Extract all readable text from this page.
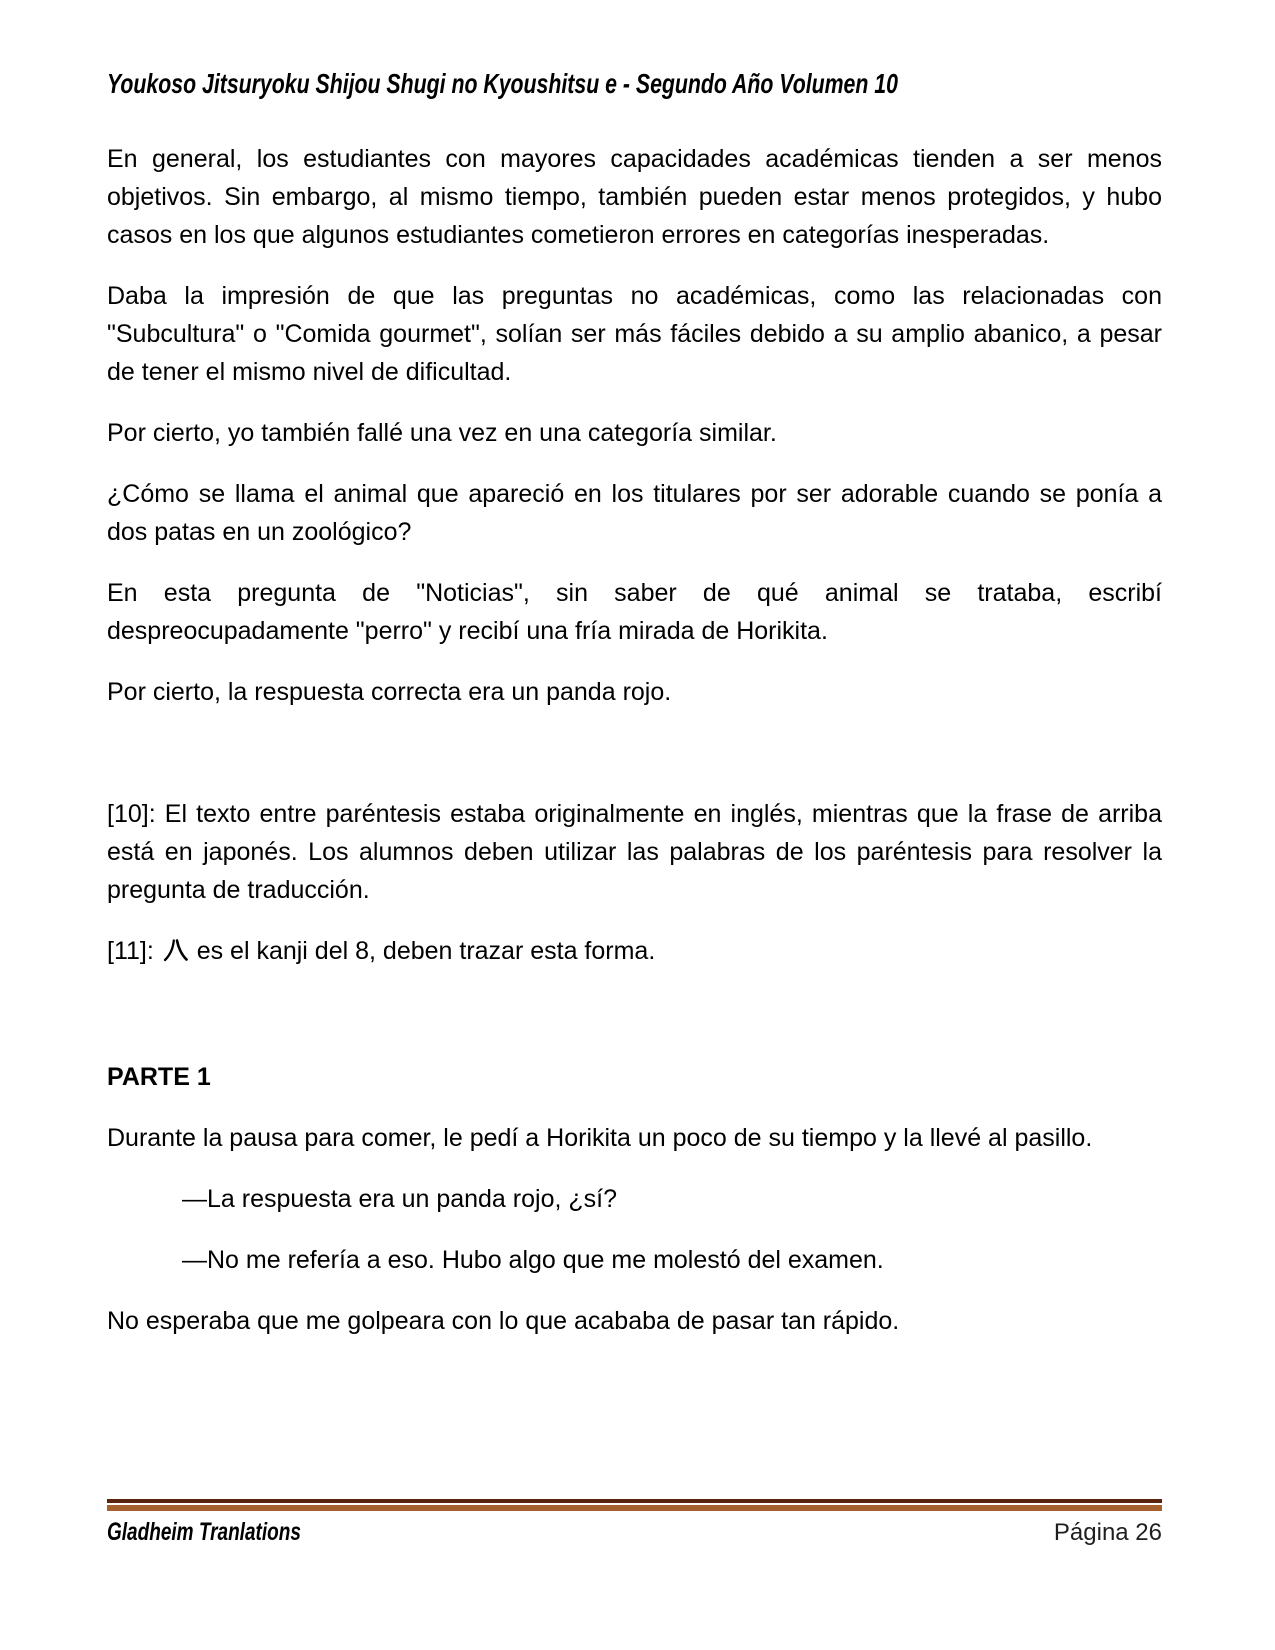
Youkoso Jitsuryoku Shijou Shugi no Kyoushitsu e - Segundo Año Volumen 10

En general, los estudiantes con mayores capacidades académicas tienden a ser menos objetivos. Sin embargo, al mismo tiempo, también pueden estar menos protegidos, y hubo casos en los que algunos estudiantes cometieron errores en categorías inesperadas.

Daba la impresión de que las preguntas no académicas, como las relacionadas con "Subcultura" o "Comida gourmet", solían ser más fáciles debido a su amplio abanico, a pesar de tener el mismo nivel de dificultad.

Por cierto, yo también fallé una vez en una categoría similar.

¿Cómo se llama el animal que apareció en los titulares por ser adorable cuando se ponía a dos patas en un zoológico?

En esta pregunta de "Noticias", sin saber de qué animal se trataba, escribí despreocupadamente "perro" y recibí una fría mirada de Horikita.

Por cierto, la respuesta correcta era un panda rojo.

[10]: El texto entre paréntesis estaba originalmente en inglés, mientras que la frase de arriba está en japonés. Los alumnos deben utilizar las palabras de los paréntesis para resolver la pregunta de traducción.

[11]:  es el kanji del 8, deben trazar esta forma.

PARTE 1

Durante la pausa para comer, le pedí a Horikita un poco de su tiempo y la llevé al pasillo.

—La respuesta era un panda rojo, ¿sí?

—No me refería a eso. Hubo algo que me molestó del examen.

No esperaba que me golpeara con lo que acababa de pasar tan rápido.

Gladheim Tranlations	Página 26
